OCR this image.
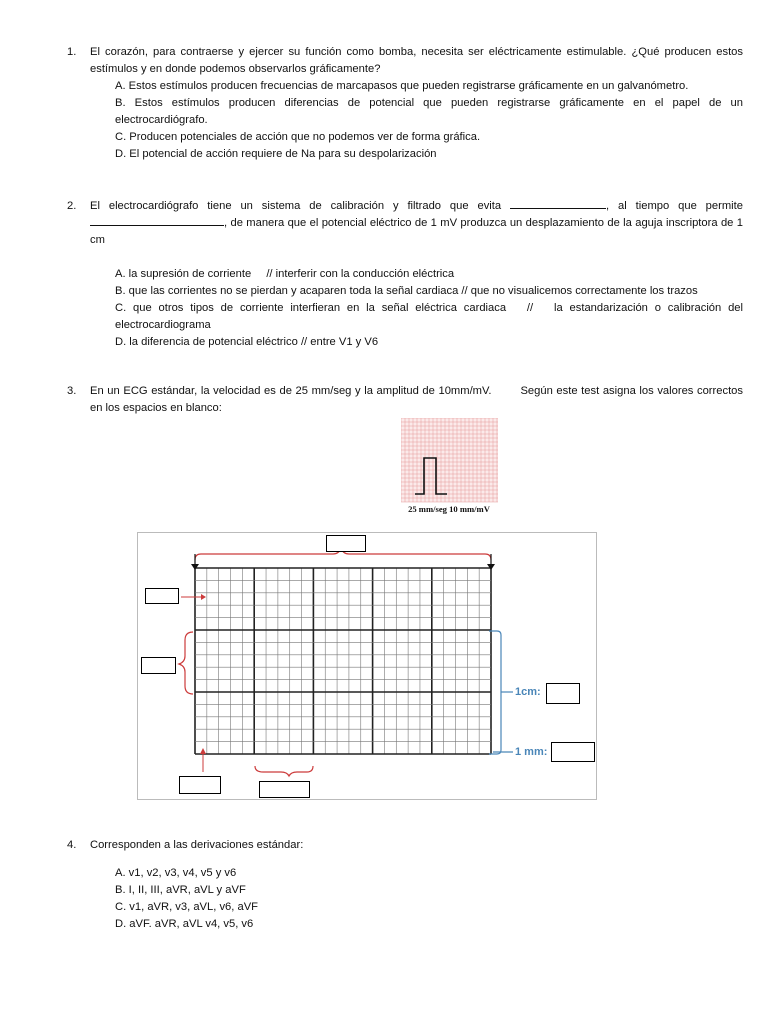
1.	El corazón, para contraerse y ejercer su función como bomba, necesita ser eléctricamente estimulable. ¿Qué producen estos estímulos y en donde podemos observarlos gráficamente?
A. Estos estímulos producen frecuencias de marcapasos que pueden registrarse gráficamente en un galvanómetro.
B. Estos estímulos producen diferencias de potencial que pueden registrarse gráficamente en el papel de un electrocardiógrafo.
C. Producen potenciales de acción que no podemos ver de forma gráfica.
D. El potencial de acción requiere de Na para su despolarización
2.	El electrocardiógrafo tiene un sistema de calibración y filtrado que evita	, al tiempo que permite , de manera que el potencial eléctrico de 1 mV produzca un desplazamiento de la aguja inscriptora de 1 cm
A. la supresión de corriente // interferir con la conducción eléctrica
B. que las corrientes no se pierdan y acaparen toda la señal cardiaca // que no visualicemos correctamente los trazos
C. que otros tipos de corriente interfieran en la señal eléctrica cardiaca // la estandarización o calibración del electrocardiograma
D. la diferencia de potencial eléctrico // entre V1 y V6
3.	En un ECG estándar, la velocidad es de 25 mm/seg y la amplitud de 10mm/mV.        Según este test asigna los valores correctos en los espacios en blanco:
25 mm/seg 10 mm/mV
1cm:
1 mm:
4.	Corresponden a las derivaciones estándar:
A. v1, v2, v3, v4, v5 y v6
B. I, II, III, aVR, aVL y aVF
C. v1, aVR, v3, aVL, v6, aVF
D. aVF. aVR, aVL v4, v5, v6
